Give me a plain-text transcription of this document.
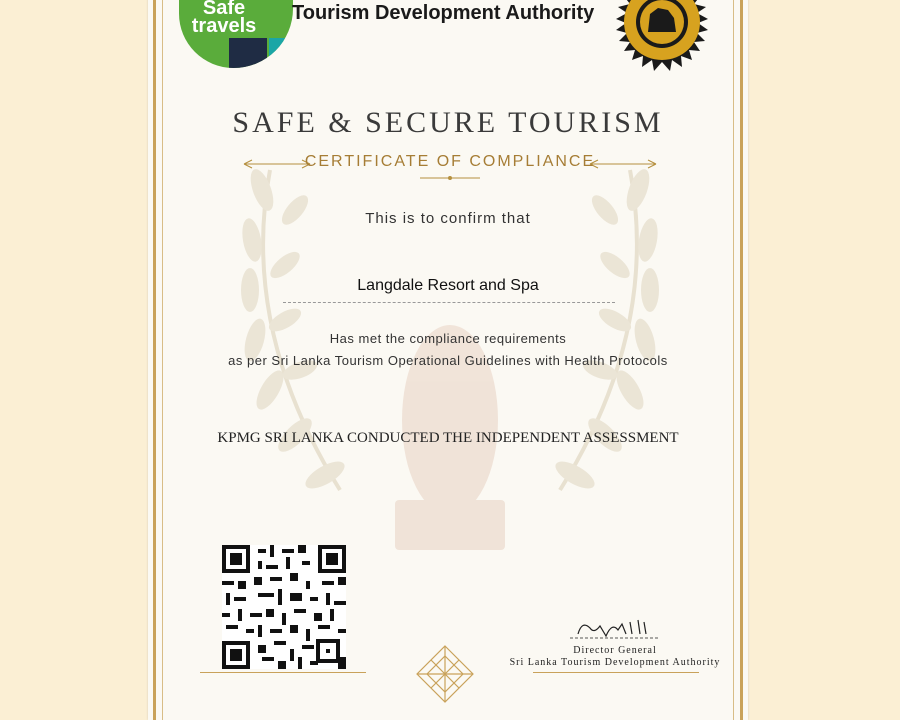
Safe
travels
Tourism Development Authority
SAFE & SECURE TOURISM
CERTIFICATE OF COMPLIANCE
This is to confirm that
Langdale Resort and Spa
Has met the compliance requirements
as per Sri Lanka Tourism Operational Guidelines with Health Protocols
KPMG SRI LANKA CONDUCTED THE INDEPENDENT ASSESSMENT
Director General
Sri Lanka Tourism Development Authority
